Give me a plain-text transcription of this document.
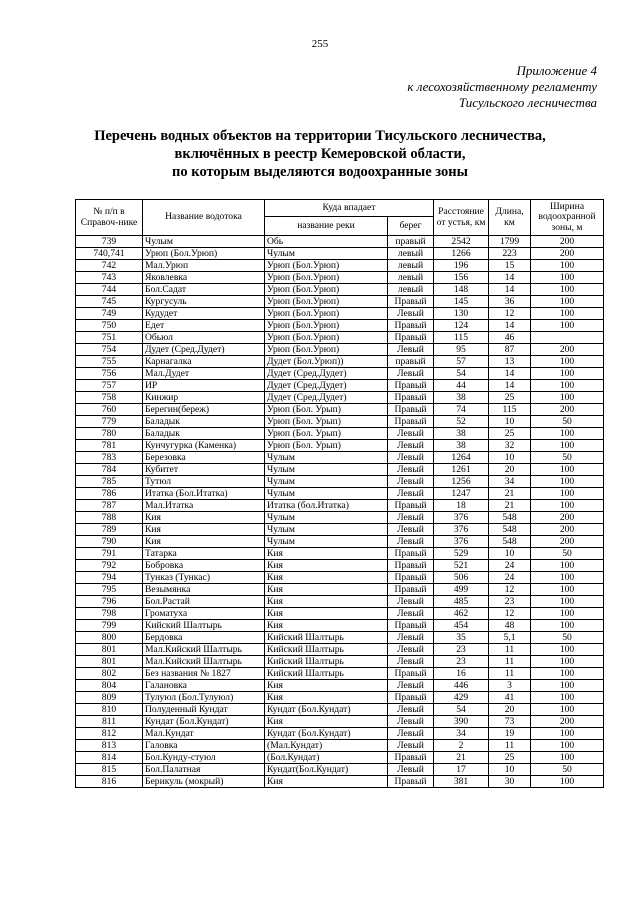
255
Приложение 4
к лесохозяйственному регламенту
Тисульского лесничества
Перечень водных объектов на территории Тисульского лесничества,
включённых в реестр Кемеровской области,
по которым выделяются водоохранные зоны
№ п/п в Справоч-нике	Название водотока	Куда впадает		Расстояние от устья, км	Длина, км	Ширина водоохранной зоны, м
		название реки	берег			
739	Чулым	Обь	правый	2542	1799	200
740,741	Урюп (Бол.Урюп)	Чулым	левый	1266	223	200
742	Мал.Урюп	Урюп (Бол.Урюп)	левый	196	15	100
743	Яковлевка	Урюп (Бол.Урюп)	левый	156	14	100
744	Бол.Садат	Урюп (Бол.Урюп)	левый	148	14	100
745	Кургусуль	Урюп (Бол.Урюп)	Правый	145	36	100
749	Кудудет	Урюп (Бол.Урюп)	Левый	130	12	100
750	Едет	Урюп (Бол.Урюп)	Правый	124	14	100
751	Обьюл	Урюп (Бол.Урюп)	Правый	115	46	
754	Дудет (Сред.Дудет)	Урюп (Бол.Урюп)	Левый	95	87	200
755	Карнагалка	Дудет (Бол.Урюп))	правый	57	13	100
756	Мал.Дудет	Дудет (Сред.Дудет)	Левый	54	14	100
757	ИР	Дудет (Сред.Дудет)	Правый	44	14	100
758	Кинжир	Дудет (Сред.Дудет)	Правый	38	25	100
760	Берегин(береж)	Урюп (Бол. Урып)	Правый	74	115	200
779	Баладык	Урюп (Бол. Урып)	Правый	52	10	50
780	Баладык	Урюп (Бол. Урып)	Левый	38	25	100
781	Кунчугурка (Каменка)	Урюп (Бол. Урып)	Левый	38	32	100
783	Березовка	Чулым	Левый	1264	10	50
784	Кубитет	Чулым	Левый	1261	20	100
785	Тутюл	Чулым	Левый	1256	34	100
786	Итатка (Бол.Итатка)	Чулым	Левый	1247	21	100
787	Мал.Итатка	Итатка (бол.Итатка)	Правый	18	21	100
788	Кия	Чулым	Левый	376	548	200
789	Кия	Чулым	Левый	376	548	200
790	Кия	Чулым	Левый	376	548	200
791	Татарка	Кия	Правый	529	10	50
792	Бобровка	Кия	Правый	521	24	100
794	Тунказ (Тункас)	Кия	Правый	506	24	100
795	Везымянка	Кия	Правый	499	12	100
796	Бол.Растай	Кия	Левый	485	23	100
798	Громатуха	Кия	Левый	462	12	100
799	Кийский Шалтырь	Кия	Правый	454	48	100
800	Бердовка	Кийский Шалтырь	Левый	35	5,1	50
801	Мал.Кийский Шалтырь	Кийский Шалтырь	Левый	23	11	100
801	Мал.Кийский Шалтырь	Кийский Шалтырь	Левый	23	11	100
802	Без названия № 1827	Кийский Шалтырь	Правый	16	11	100
804	Галановка	Кия	Левый	446	3	100
809	Тулуюл (Бол.Тулуюл)	Кия	Правый	429	41	100
810	Полуденный Кундат	Кундат (Бол.Кундат)	Левый	54	20	100
811	Кундат (Бол.Кундат)	Кия	Левый	390	73	200
812	Мал.Кундат	Кундат (Бол.Кундат)	Левый	34	19	100
813	Галовка	(Мал.Кундат)	Левый	2	11	100
814	Бол.Кунду-стуюл	(Бол.Кундат)	Правый	21	25	100
815	Бол.Палатная	Кундат(Бол.Кундат)	Левый	17	10	50
816	Берикуль (мокрый)	Кия	Правый	381	30	100
